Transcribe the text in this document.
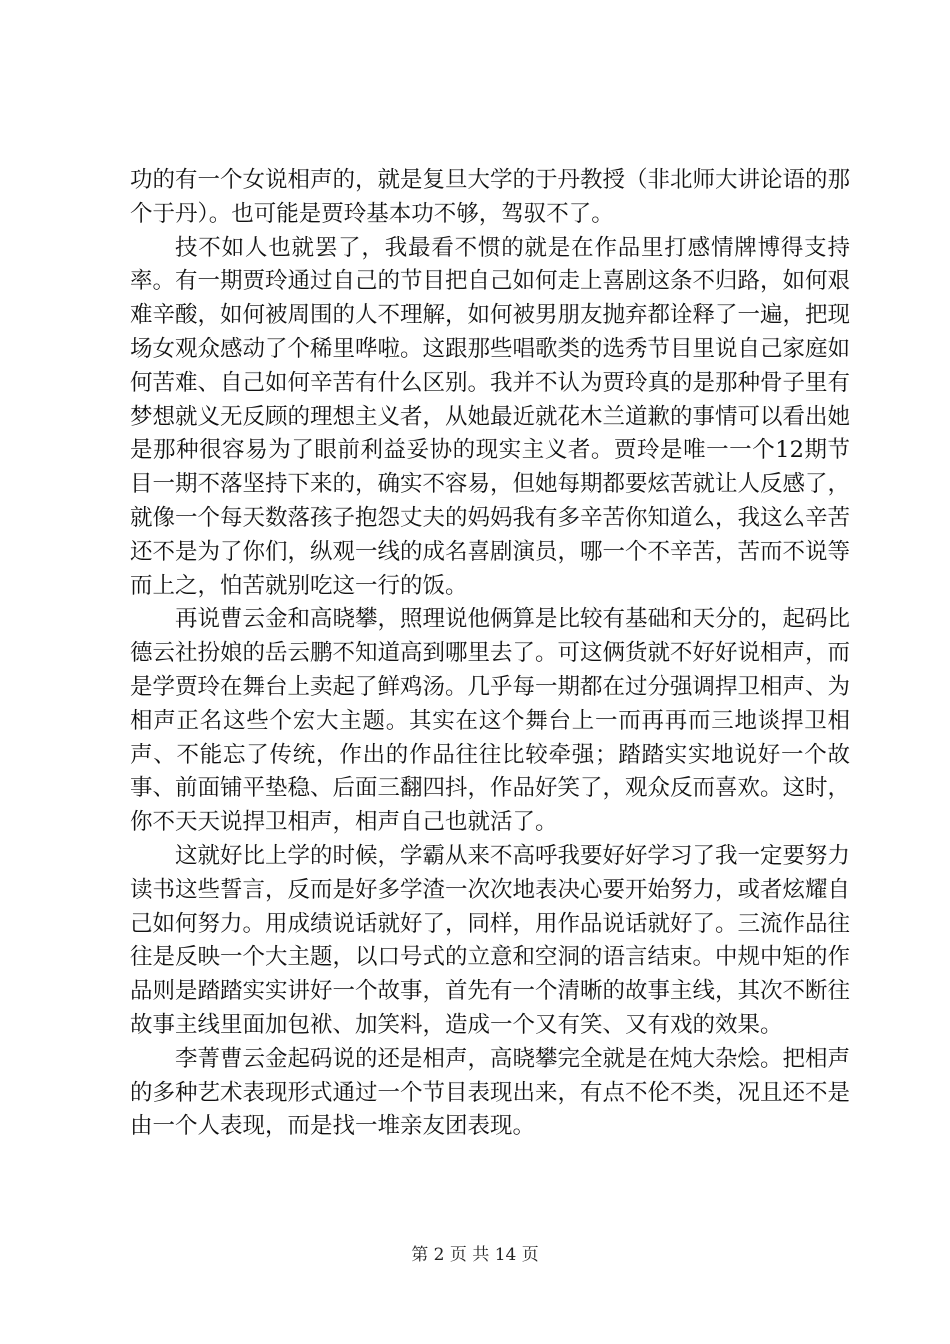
功的有一个女说相声的，就是复旦大学的于丹教授（非北师大讲论语的那个于丹）。也可能是贾玲基本功不够，驾驭不了。

技不如人也就罢了，我最看不惯的就是在作品里打感情牌博得支持率。有一期贾玲通过自己的节目把自己如何走上喜剧这条不归路，如何艰难辛酸，如何被周围的人不理解，如何被男朋友抛弃都诠释了一遍，把现场女观众感动了个稀里哗啦。这跟那些唱歌类的选秀节目里说自己家庭如何苦难、自己如何辛苦有什么区别。我并不认为贾玲真的是那种骨子里有梦想就义无反顾的理想主义者，从她最近就花木兰道歉的事情可以看出她是那种很容易为了眼前利益妥协的现实主义者。贾玲是唯一一个12期节目一期不落坚持下来的，确实不容易，但她每期都要炫苦就让人反感了，就像一个每天数落孩子抱怨丈夫的妈妈我有多辛苦你知道么，我这么辛苦还不是为了你们，纵观一线的成名喜剧演员，哪一个不辛苦，苦而不说等而上之，怕苦就别吃这一行的饭。

再说曹云金和高晓攀，照理说他俩算是比较有基础和天分的，起码比德云社扮娘的岳云鹏不知道高到哪里去了。可这俩货就不好好说相声，而是学贾玲在舞台上卖起了鲜鸡汤。几乎每一期都在过分强调捍卫相声、为相声正名这些个宏大主题。其实在这个舞台上一而再再而三地谈捍卫相声、不能忘了传统，作出的作品往往比较牵强；踏踏实实地说好一个故事、前面铺平垫稳、后面三翻四抖，作品好笑了，观众反而喜欢。这时，你不天天说捍卫相声，相声自己也就活了。

这就好比上学的时候，学霸从来不高呼我要好好学习了我一定要努力读书这些誓言，反而是好多学渣一次次地表决心要开始努力，或者炫耀自己如何努力。用成绩说话就好了，同样，用作品说话就好了。三流作品往往是反映一个大主题，以口号式的立意和空洞的语言结束。中规中矩的作品则是踏踏实实讲好一个故事，首先有一个清晰的故事主线，其次不断往故事主线里面加包袱、加笑料，造成一个又有笑、又有戏的效果。

李菁曹云金起码说的还是相声，高晓攀完全就是在炖大杂烩。把相声的多种艺术表现形式通过一个节目表现出来，有点不伦不类，况且还不是由一个人表现，而是找一堆亲友团表现。

第 2 页 共 14 页
